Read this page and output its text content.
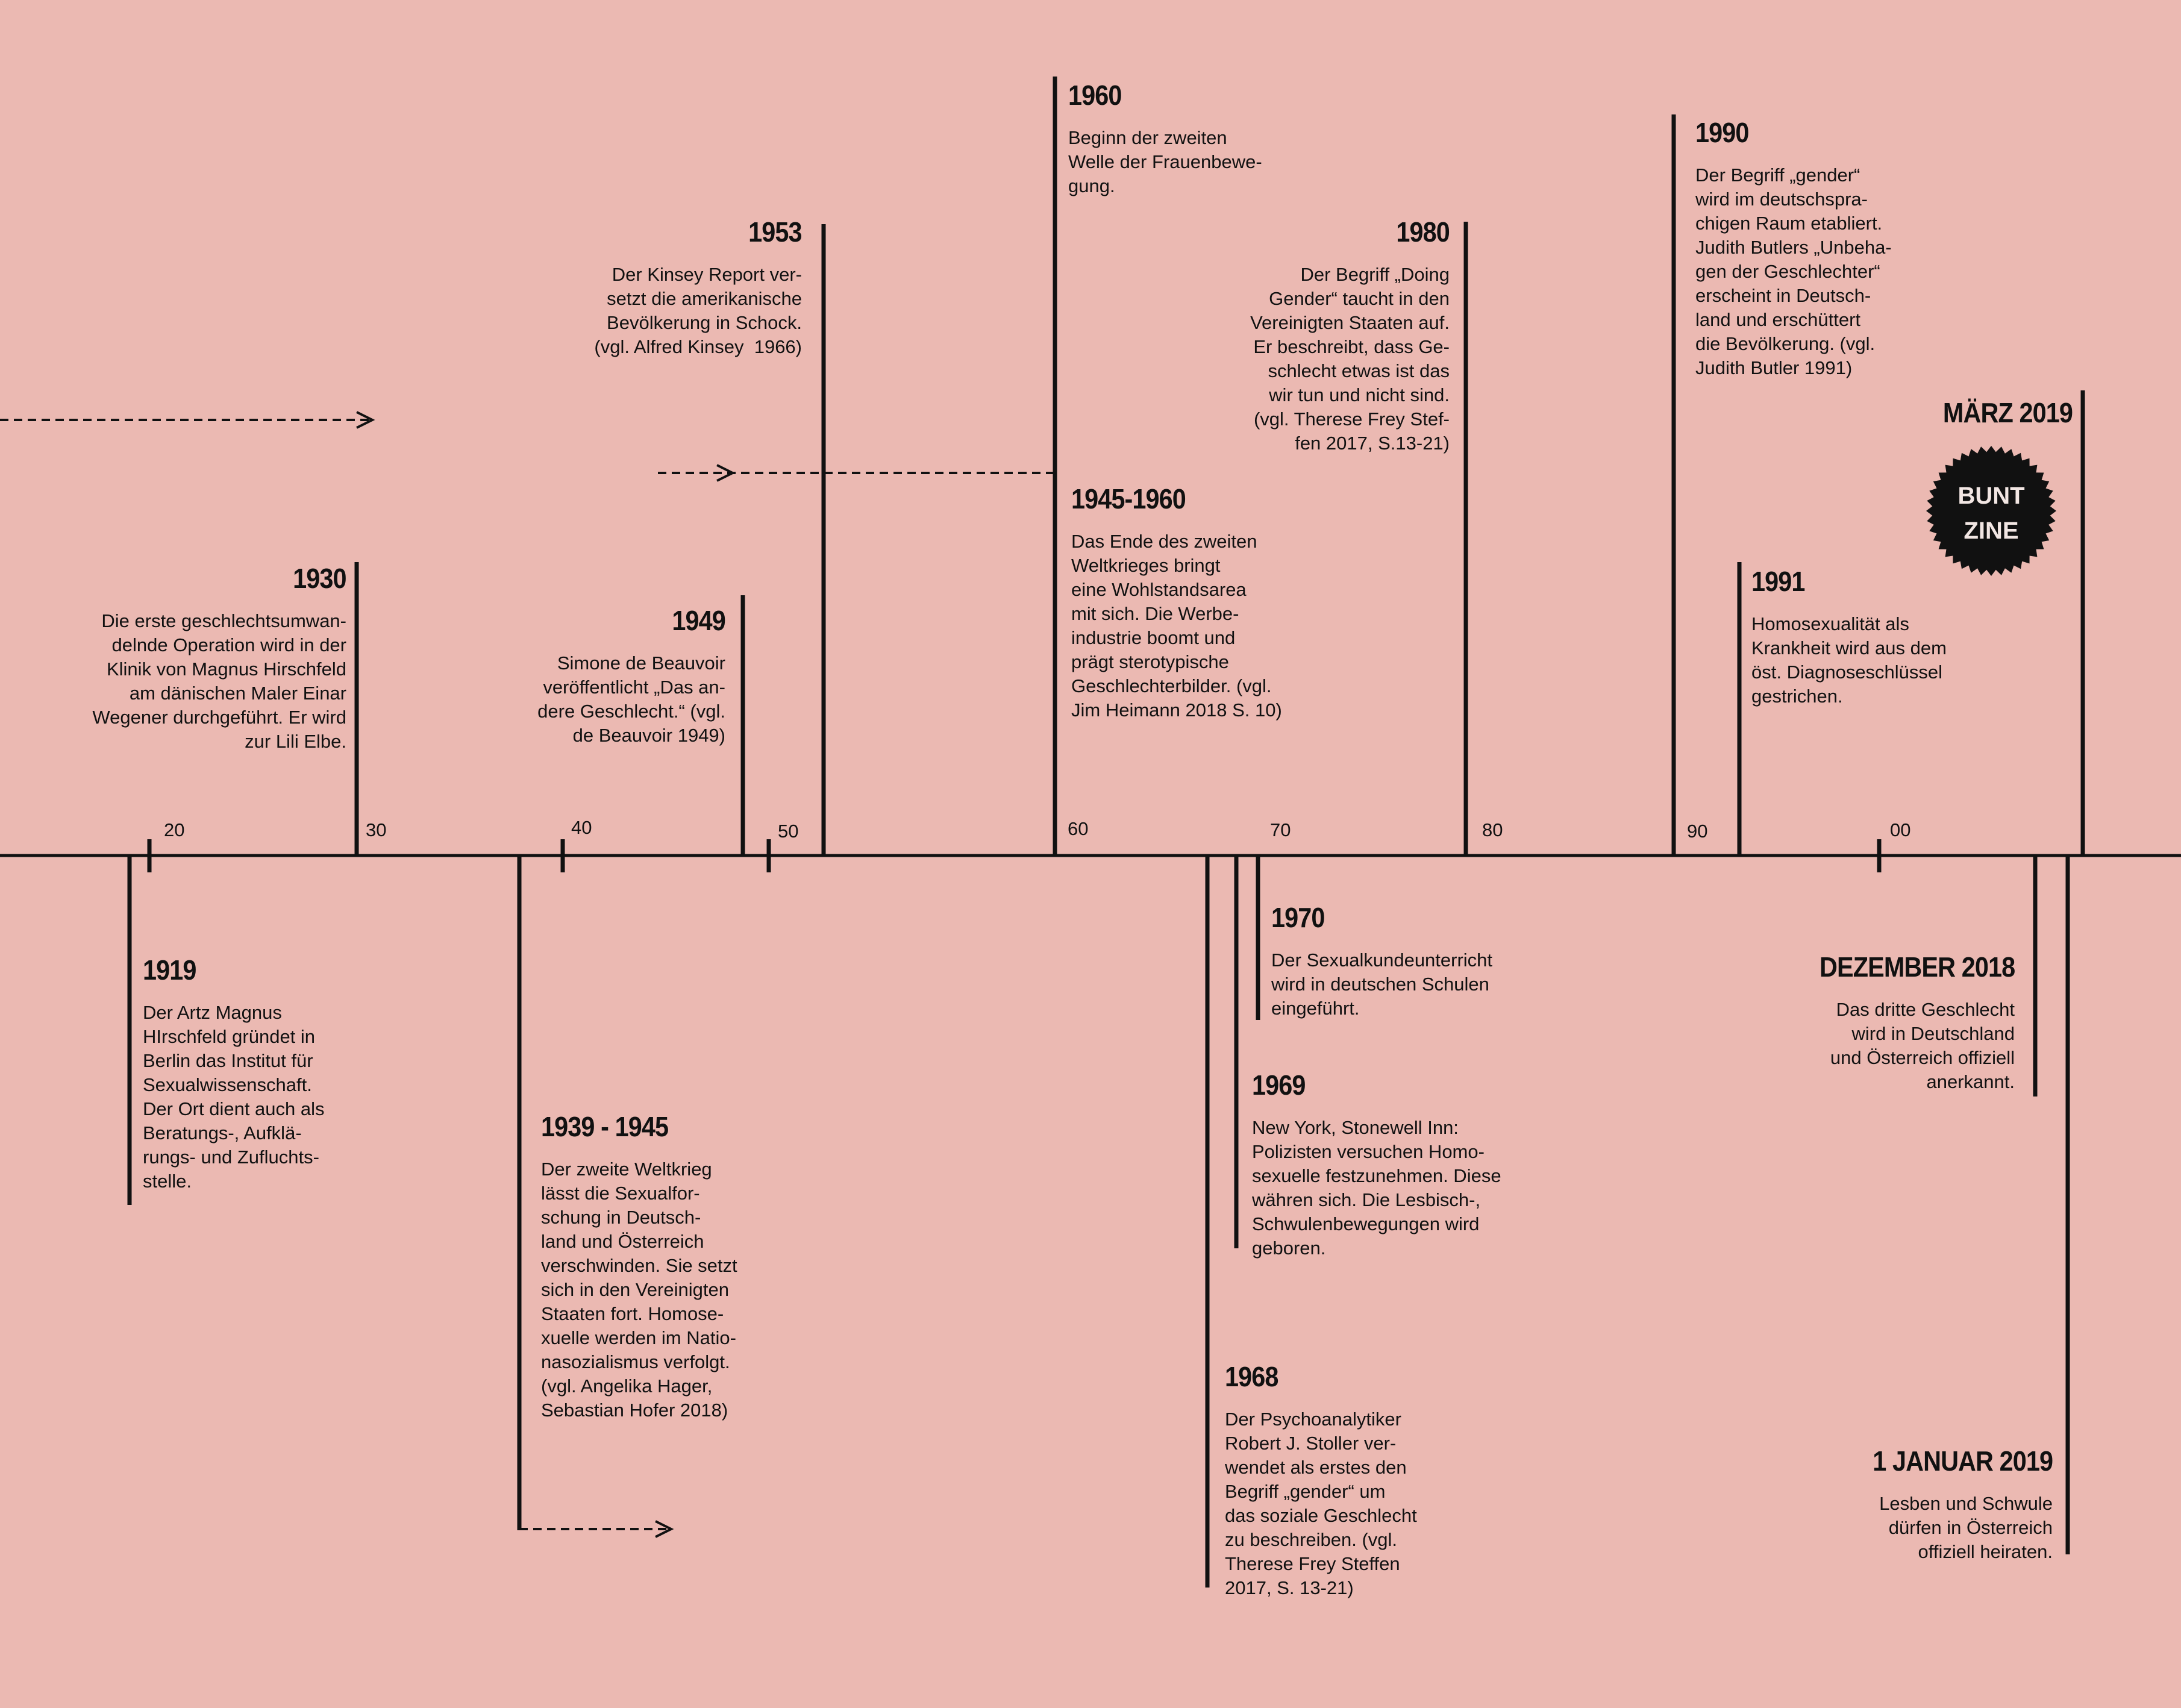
20	30	40	50	60	70	80	90	00
1930
Die erste geschlechtsumwan-
delnde Operation wird in der
Klinik von Magnus Hirschfeld
am dänischen Maler Einar
Wegener durchgeführt. Er wird
zur Lili Elbe.
1949
Simone de Beauvoir
veröffentlicht „Das an-
dere Geschlecht.“ (vgl.
de Beauvoir 1949)
1953
Der Kinsey Report ver-
setzt die amerikanische
Bevölkerung in Schock.
(vgl. Alfred Kinsey  1966)
1960
Beginn der zweiten
Welle der Frauenbewe-
gung.
1945-1960
Das Ende des zweiten
Weltkrieges bringt
eine Wohlstandsarea
mit sich. Die Werbe-
industrie boomt und
prägt sterotypische
Geschlechterbilder. (vgl.
Jim Heimann 2018 S. 10)
1980
Der Begriff „Doing
Gender“ taucht in den
Vereinigten Staaten auf.
Er beschreibt, dass Ge-
schlecht etwas ist das
wir tun und nicht sind.
(vgl. Therese Frey Stef-
fen 2017, S.13-21)
1990
Der Begriff „gender“
wird im deutschspra-
chigen Raum etabliert.
Judith Butlers „Unbeha-
gen der Geschlechter“
erscheint in Deutsch-
land und erschüttert
die Bevölkerung. (vgl.
Judith Butler 1991)
1991
Homosexualität als
Krankheit wird aus dem
öst. Diagnoseschlüssel
gestrichen.
MÄRZ 2019
BUNT
ZINE
1919
Der Artz Magnus
HIrschfeld gründet in
Berlin das Institut für
Sexualwissenschaft.
Der Ort dient auch als
Beratungs-, Aufklä-
rungs- und Zufluchts-
stelle.
1939 - 1945
Der zweite Weltkrieg
lässt die Sexualfor-
schung in Deutsch-
land und Österreich
verschwinden. Sie setzt
sich in den Vereinigten
Staaten fort. Homose-
xuelle werden im Natio-
nasozialismus verfolgt.
(vgl. Angelika Hager,
Sebastian Hofer 2018)
1970
Der Sexualkundeunterricht
wird in deutschen Schulen
eingeführt.
1969
New York, Stonewell Inn:
Polizisten versuchen Homo-
sexuelle festzunehmen. Diese
währen sich. Die Lesbisch-,
Schwulenbewegungen wird
geboren.
1968
Der Psychoanalytiker
Robert J. Stoller ver-
wendet als erstes den
Begriff „gender“ um
das soziale Geschlecht
zu beschreiben. (vgl.
Therese Frey Steffen
2017, S. 13-21)
DEZEMBER 2018
Das dritte Geschlecht
wird in Deutschland
und Österreich offiziell
anerkannt.
1 JANUAR 2019
Lesben und Schwule
dürfen in Österreich
offiziell heiraten.
